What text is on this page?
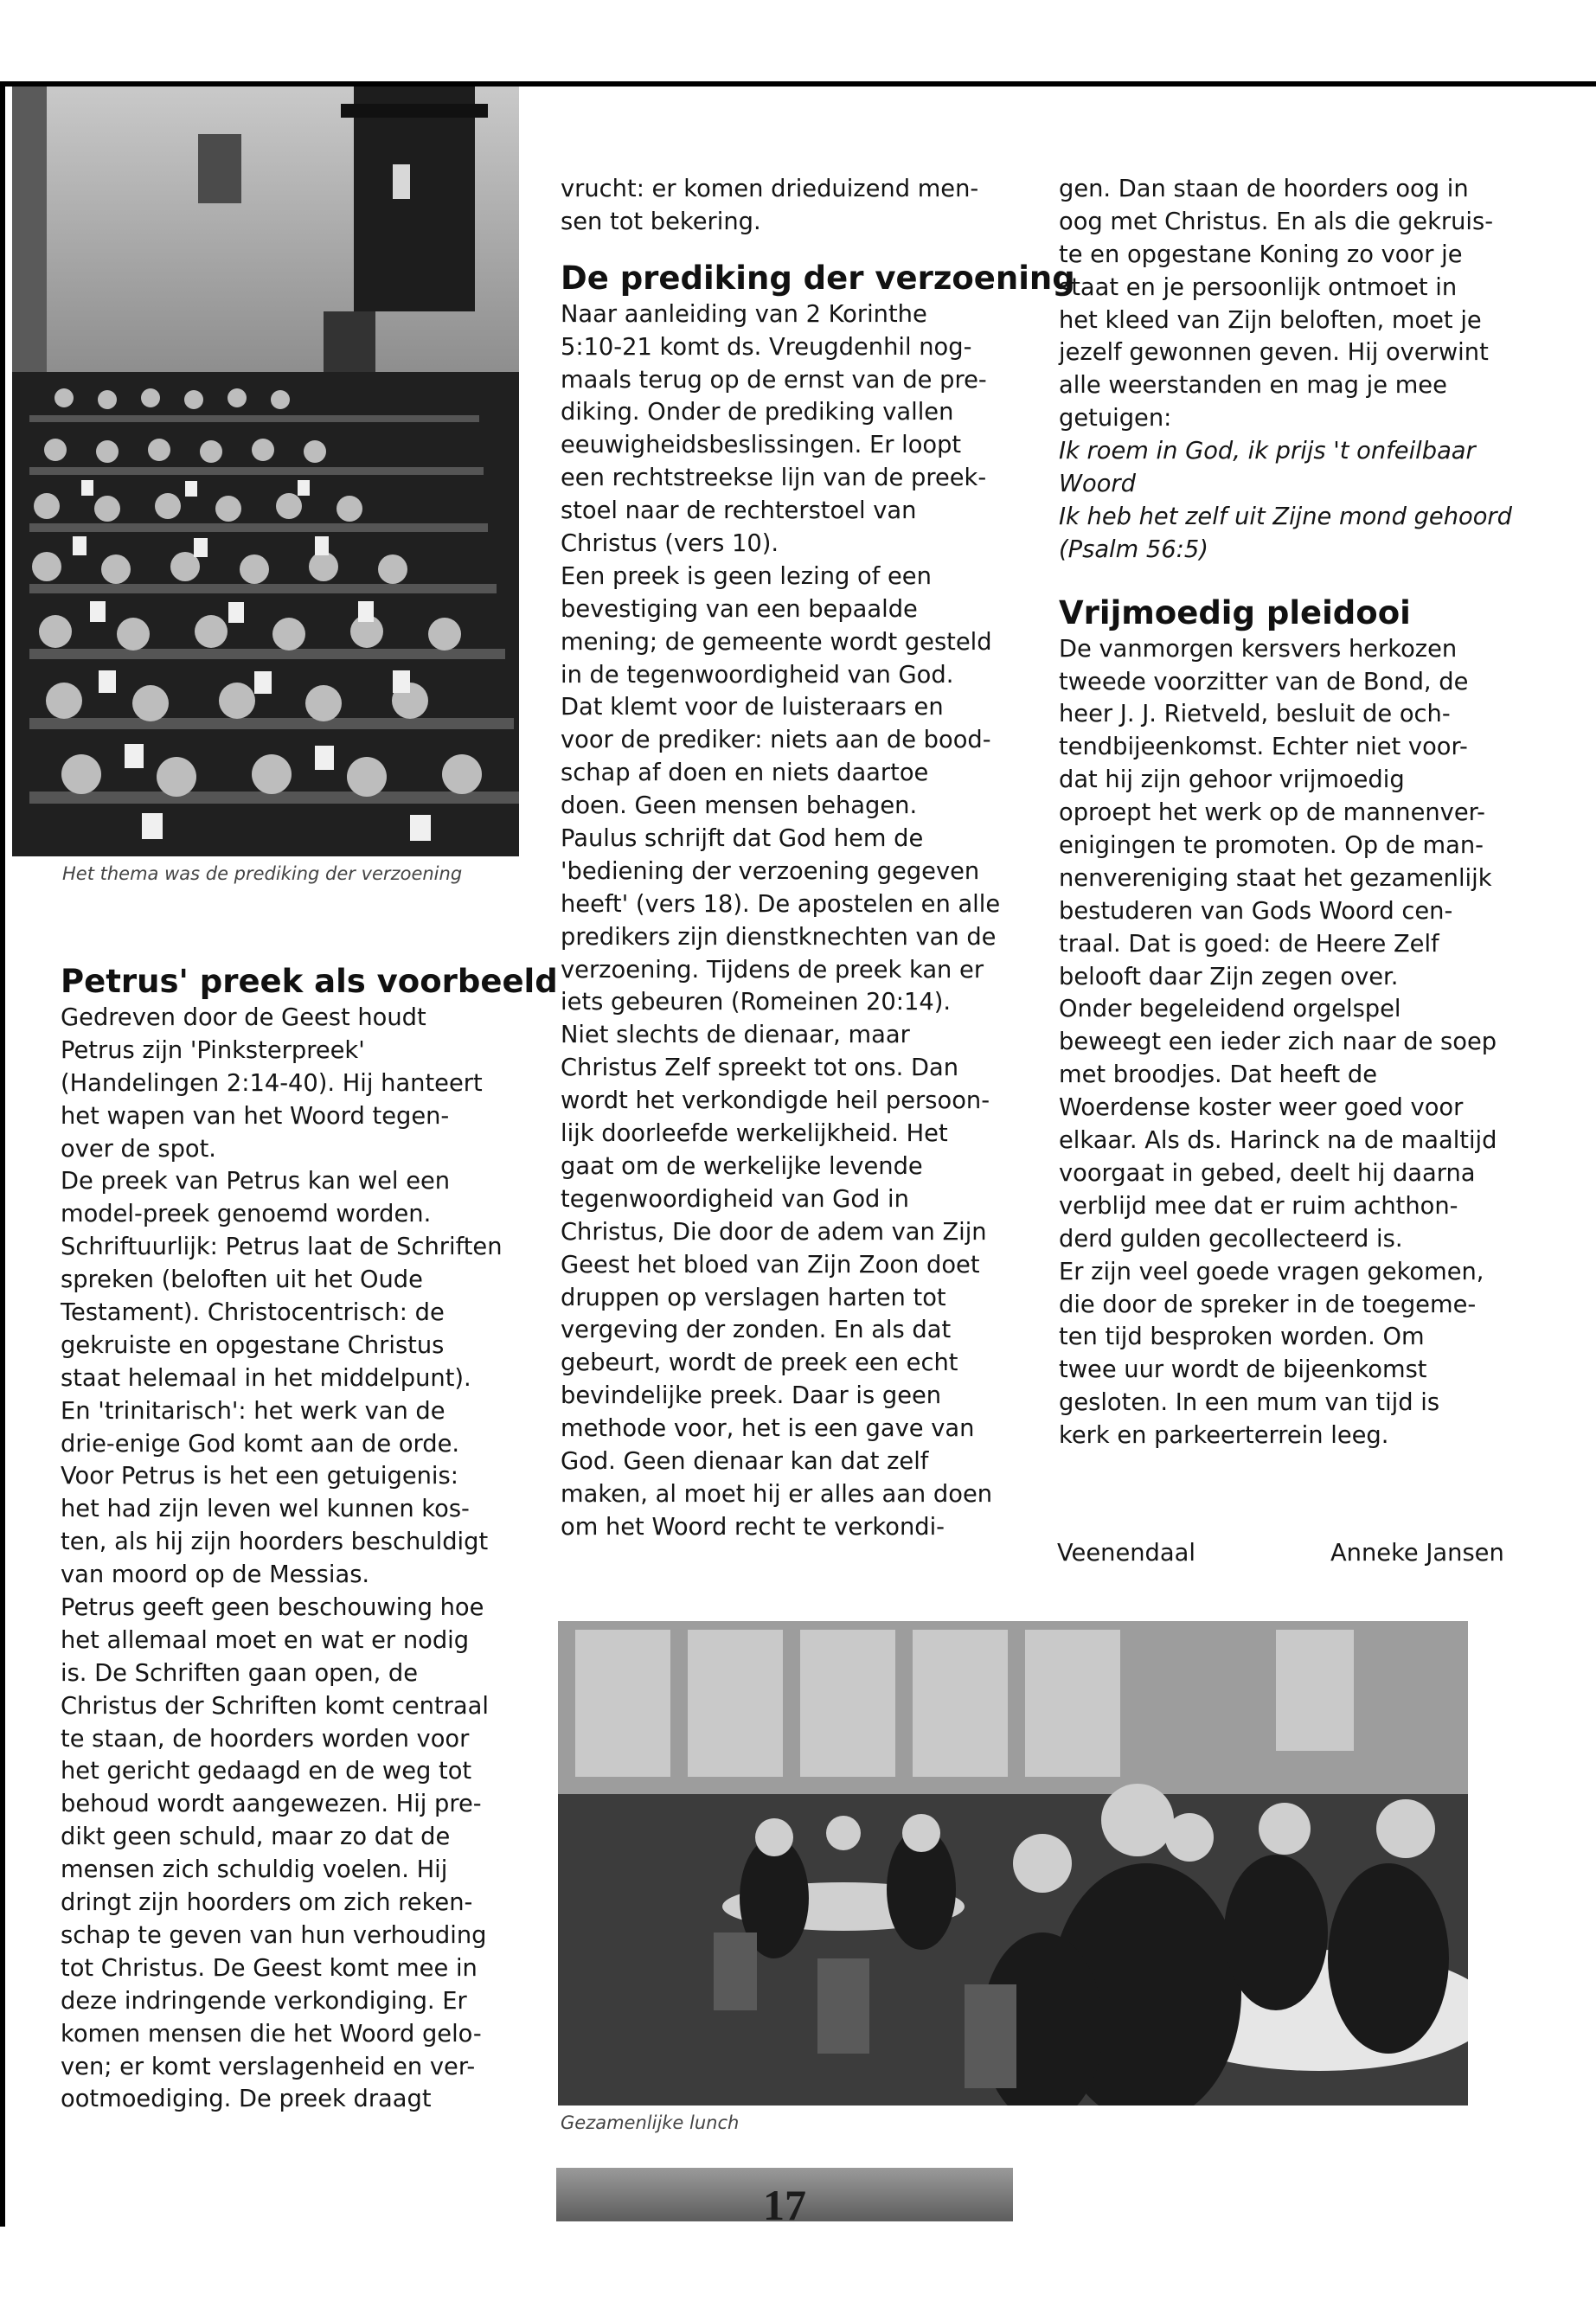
Het thema was de prediking der verzoening
Petrus' preek als voorbeeld
Gedreven door de Geest houdt
Petrus zijn 'Pinksterpreek'
(Handelingen 2:14-40). Hij hanteert
het wapen van het Woord tegen-
over de spot.
De preek van Petrus kan wel een
model-preek genoemd worden.
Schriftuurlijk: Petrus laat de Schriften
spreken (beloften uit het Oude
Testament). Christocentrisch: de
gekruiste en opgestane Christus
staat helemaal in het middelpunt).
En 'trinitarisch': het werk van de
drie-enige God komt aan de orde.
Voor Petrus is het een getuigenis:
het had zijn leven wel kunnen kos-
ten, als hij zijn hoorders beschuldigt
van moord op de Messias.
Petrus geeft geen beschouwing hoe
het allemaal moet en wat er nodig
is. De Schriften gaan open, de
Christus der Schriften komt centraal
te staan, de hoorders worden voor
het gericht gedaagd en de weg tot
behoud wordt aangewezen. Hij pre-
dikt geen schuld, maar zo dat de
mensen zich schuldig voelen. Hij
dringt zijn hoorders om zich reken-
schap te geven van hun verhouding
tot Christus. De Geest komt mee in
deze indringende verkondiging. Er
komen mensen die het Woord gelo-
ven; er komt verslagenheid en ver-
ootmoediging. De preek draagt
vrucht: er komen drieduizend men-
sen tot bekering.
De prediking der verzoening
Naar aanleiding van 2 Korinthe
5:10-21 komt ds. Vreugdenhil nog-
maals terug op de ernst van de pre-
diking. Onder de prediking vallen
eeuwigheidsbeslissingen. Er loopt
een rechtstreekse lijn van de preek-
stoel naar de rechterstoel van
Christus (vers 10).
Een preek is geen lezing of een
bevestiging van een bepaalde
mening; de gemeente wordt gesteld
in de tegenwoordigheid van God.
Dat klemt voor de luisteraars en
voor de prediker: niets aan de bood-
schap af doen en niets daartoe
doen. Geen mensen behagen.
Paulus schrijft dat God hem de
'bediening der verzoening gegeven
heeft' (vers 18). De apostelen en alle
predikers zijn dienstknechten van de
verzoening. Tijdens de preek kan er
iets gebeuren (Romeinen 20:14).
Niet slechts de dienaar, maar
Christus Zelf spreekt tot ons. Dan
wordt het verkondigde heil persoon-
lijk doorleefde werkelijkheid. Het
gaat om de werkelijke levende
tegenwoordigheid van God in
Christus, Die door de adem van Zijn
Geest het bloed van Zijn Zoon doet
druppen op verslagen harten tot
vergeving der zonden. En als dat
gebeurt, wordt de preek een echt
bevindelijke preek. Daar is geen
methode voor, het is een gave van
God. Geen dienaar kan dat zelf
maken, al moet hij er alles aan doen
om het Woord recht te verkondi-
gen. Dan staan de hoorders oog in
oog met Christus. En als die gekruis-
te en opgestane Koning zo voor je
staat en je persoonlijk ontmoet in
het kleed van Zijn beloften, moet je
jezelf gewonnen geven. Hij overwint
alle weerstanden en mag je mee
getuigen:
Ik roem in God, ik prijs 't onfeilbaar
Woord
Ik heb het zelf uit Zijne mond gehoord
(Psalm 56:5)
Vrijmoedig pleidooi
De vanmorgen kersvers herkozen
tweede voorzitter van de Bond, de
heer J. J. Rietveld, besluit de och-
tendbijeenkomst. Echter niet voor-
dat hij zijn gehoor vrijmoedig
oproept het werk op de mannenver-
enigingen te promoten. Op de man-
nenvereniging staat het gezamenlijk
bestuderen van Gods Woord cen-
traal. Dat is goed: de Heere Zelf
belooft daar Zijn zegen over.
Onder begeleidend orgelspel
beweegt een ieder zich naar de soep
met broodjes. Dat heeft de
Woerdense koster weer goed voor
elkaar. Als ds. Harinck na de maaltijd
voorgaat in gebed, deelt hij daarna
verblijd mee dat er ruim achthon-
derd gulden gecollecteerd is.
Er zijn veel goede vragen gekomen,
die door de spreker in de toegeme-
ten tijd besproken worden. Om
twee uur wordt de bijeenkomst
gesloten. In een mum van tijd is
kerk en parkeerterrein leeg.
Veenendaal	Anneke Jansen
Gezamenlijke lunch
17
